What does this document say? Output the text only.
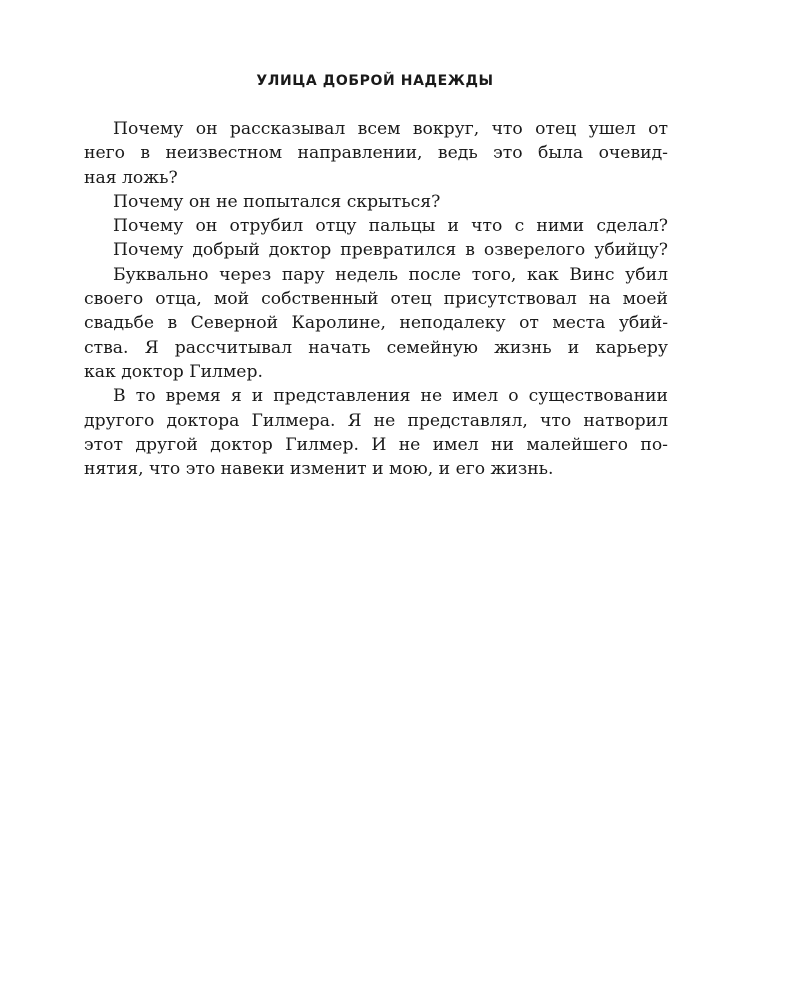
УЛИЦА ДОБРОЙ НАДЕЖДЫ
Почему он рассказывал всем вокруг, что отец ушел от
него в неизвестном направлении, ведь это была очевид-
ная ложь?
Почему он не попытался скрыться?
Почему он отрубил отцу пальцы и что с ними сделал?
Почему добрый доктор превратился в озверелого убийцу?
Буквально через пару недель после того, как Винс убил
своего отца, мой собственный отец присутствовал на моей
свадьбе в Северной Каролине, неподалеку от места убий-
ства. Я рассчитывал начать семейную жизнь и карьеру
как доктор Гилмер.
В то время я и представления не имел о существовании
другого доктора Гилмера. Я не представлял, что натворил
этот другой доктор Гилмер. И не имел ни малейшего по-
нятия, что это навеки изменит и мою, и его жизнь.
